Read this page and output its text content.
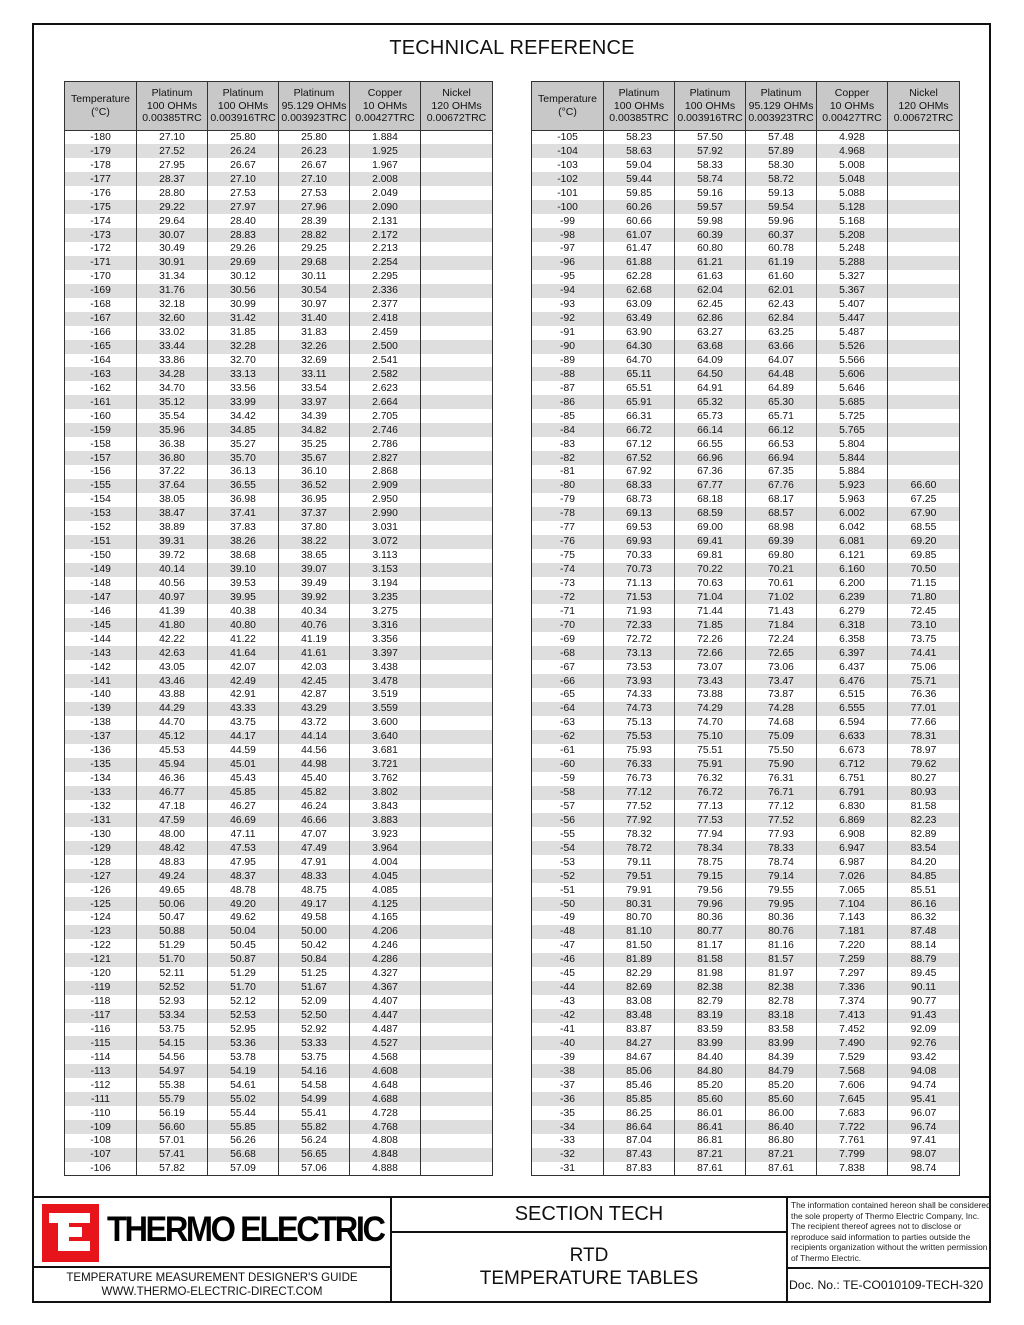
TECHNICAL REFERENCE
Temperature
(°C)

Platinum
100 OHMs
0.00385TRC

Platinum
100 OHMs
0.003916TRC

Platinum
95.129 OHMs
0.003923TRC

Copper
10 OHMs
0.00427TRC

Nickel
120 OHMs
0.00672TRC

-180	27.10	25.80	25.80	1.884	
-179	27.52	26.24	26.23	1.925	
-178	27.95	26.67	26.67	1.967	
-177	28.37	27.10	27.10	2.008	
-176	28.80	27.53	27.53	2.049	
-175	29.22	27.97	27.96	2.090	
-174	29.64	28.40	28.39	2.131	
-173	30.07	28.83	28.82	2.172	
-172	30.49	29.26	29.25	2.213	
-171	30.91	29.69	29.68	2.254	
-170	31.34	30.12	30.11	2.295	
-169	31.76	30.56	30.54	2.336	
-168	32.18	30.99	30.97	2.377	
-167	32.60	31.42	31.40	2.418	
-166	33.02	31.85	31.83	2.459	
-165	33.44	32.28	32.26	2.500	
-164	33.86	32.70	32.69	2.541	
-163	34.28	33.13	33.11	2.582	
-162	34.70	33.56	33.54	2.623	
-161	35.12	33.99	33.97	2.664	
-160	35.54	34.42	34.39	2.705	
-159	35.96	34.85	34.82	2.746	
-158	36.38	35.27	35.25	2.786	
-157	36.80	35.70	35.67	2.827	
-156	37.22	36.13	36.10	2.868	
-155	37.64	36.55	36.52	2.909	
-154	38.05	36.98	36.95	2.950	
-153	38.47	37.41	37.37	2.990	
-152	38.89	37.83	37.80	3.031	
-151	39.31	38.26	38.22	3.072	
-150	39.72	38.68	38.65	3.113	
-149	40.14	39.10	39.07	3.153	
-148	40.56	39.53	39.49	3.194	
-147	40.97	39.95	39.92	3.235	
-146	41.39	40.38	40.34	3.275	
-145	41.80	40.80	40.76	3.316	
-144	42.22	41.22	41.19	3.356	
-143	42.63	41.64	41.61	3.397	
-142	43.05	42.07	42.03	3.438	
-141	43.46	42.49	42.45	3.478	
-140	43.88	42.91	42.87	3.519	
-139	44.29	43.33	43.29	3.559	
-138	44.70	43.75	43.72	3.600	
-137	45.12	44.17	44.14	3.640	
-136	45.53	44.59	44.56	3.681	
-135	45.94	45.01	44.98	3.721	
-134	46.36	45.43	45.40	3.762	
-133	46.77	45.85	45.82	3.802	
-132	47.18	46.27	46.24	3.843	
-131	47.59	46.69	46.66	3.883	
-130	48.00	47.11	47.07	3.923	
-129	48.42	47.53	47.49	3.964	
-128	48.83	47.95	47.91	4.004	
-127	49.24	48.37	48.33	4.045	
-126	49.65	48.78	48.75	4.085	
-125	50.06	49.20	49.17	4.125	
-124	50.47	49.62	49.58	4.165	
-123	50.88	50.04	50.00	4.206	
-122	51.29	50.45	50.42	4.246	
-121	51.70	50.87	50.84	4.286	
-120	52.11	51.29	51.25	4.327	
-119	52.52	51.70	51.67	4.367	
-118	52.93	52.12	52.09	4.407	
-117	53.34	52.53	52.50	4.447	
-116	53.75	52.95	52.92	4.487	
-115	54.15	53.36	53.33	4.527	
-114	54.56	53.78	53.75	4.568	
-113	54.97	54.19	54.16	4.608	
-112	55.38	54.61	54.58	4.648	
-111	55.79	55.02	54.99	4.688	
-110	56.19	55.44	55.41	4.728	
-109	56.60	55.85	55.82	4.768	
-108	57.01	56.26	56.24	4.808	
-107	57.41	56.68	56.65	4.848	
-106	57.82	57.09	57.06	4.888	
Temperature
(°C)

Platinum
100 OHMs
0.00385TRC

Platinum
100 OHMs
0.003916TRC

Platinum
95.129 OHMs
0.003923TRC

Copper
10 OHMs
0.00427TRC

Nickel
120 OHMs
0.00672TRC

-105	58.23	57.50	57.48	4.928	
-104	58.63	57.92	57.89	4.968	
-103	59.04	58.33	58.30	5.008	
-102	59.44	58.74	58.72	5.048	
-101	59.85	59.16	59.13	5.088	
-100	60.26	59.57	59.54	5.128	
-99	60.66	59.98	59.96	5.168	
-98	61.07	60.39	60.37	5.208	
-97	61.47	60.80	60.78	5.248	
-96	61.88	61.21	61.19	5.288	
-95	62.28	61.63	61.60	5.327	
-94	62.68	62.04	62.01	5.367	
-93	63.09	62.45	62.43	5.407	
-92	63.49	62.86	62.84	5.447	
-91	63.90	63.27	63.25	5.487	
-90	64.30	63.68	63.66	5.526	
-89	64.70	64.09	64.07	5.566	
-88	65.11	64.50	64.48	5.606	
-87	65.51	64.91	64.89	5.646	
-86	65.91	65.32	65.30	5.685	
-85	66.31	65.73	65.71	5.725	
-84	66.72	66.14	66.12	5.765	
-83	67.12	66.55	66.53	5.804	
-82	67.52	66.96	66.94	5.844	
-81	67.92	67.36	67.35	5.884	
-80	68.33	67.77	67.76	5.923	66.60
-79	68.73	68.18	68.17	5.963	67.25
-78	69.13	68.59	68.57	6.002	67.90
-77	69.53	69.00	68.98	6.042	68.55
-76	69.93	69.41	69.39	6.081	69.20
-75	70.33	69.81	69.80	6.121	69.85
-74	70.73	70.22	70.21	6.160	70.50
-73	71.13	70.63	70.61	6.200	71.15
-72	71.53	71.04	71.02	6.239	71.80
-71	71.93	71.44	71.43	6.279	72.45
-70	72.33	71.85	71.84	6.318	73.10
-69	72.72	72.26	72.24	6.358	73.75
-68	73.13	72.66	72.65	6.397	74.41
-67	73.53	73.07	73.06	6.437	75.06
-66	73.93	73.43	73.47	6.476	75.71
-65	74.33	73.88	73.87	6.515	76.36
-64	74.73	74.29	74.28	6.555	77.01
-63	75.13	74.70	74.68	6.594	77.66
-62	75.53	75.10	75.09	6.633	78.31
-61	75.93	75.51	75.50	6.673	78.97
-60	76.33	75.91	75.90	6.712	79.62
-59	76.73	76.32	76.31	6.751	80.27
-58	77.12	76.72	76.71	6.791	80.93
-57	77.52	77.13	77.12	6.830	81.58
-56	77.92	77.53	77.52	6.869	82.23
-55	78.32	77.94	77.93	6.908	82.89
-54	78.72	78.34	78.33	6.947	83.54
-53	79.11	78.75	78.74	6.987	84.20
-52	79.51	79.15	79.14	7.026	84.85
-51	79.91	79.56	79.55	7.065	85.51
-50	80.31	79.96	79.95	7.104	86.16
-49	80.70	80.36	80.36	7.143	86.32
-48	81.10	80.77	80.76	7.181	87.48
-47	81.50	81.17	81.16	7.220	88.14
-46	81.89	81.58	81.57	7.259	88.79
-45	82.29	81.98	81.97	7.297	89.45
-44	82.69	82.38	82.38	7.336	90.11
-43	83.08	82.79	82.78	7.374	90.77
-42	83.48	83.19	83.18	7.413	91.43
-41	83.87	83.59	83.58	7.452	92.09
-40	84.27	83.99	83.99	7.490	92.76
-39	84.67	84.40	84.39	7.529	93.42
-38	85.06	84.80	84.79	7.568	94.08
-37	85.46	85.20	85.20	7.606	94.74
-36	85.85	85.60	85.60	7.645	95.41
-35	86.25	86.01	86.00	7.683	96.07
-34	86.64	86.41	86.40	7.722	96.74
-33	87.04	86.81	86.80	7.761	97.41
-32	87.43	87.21	87.21	7.799	98.07
-31	87.83	87.61	87.61	7.838	98.74
THERMO ELECTRIC
TEMPERATURE MEASUREMENT DESIGNER'S GUIDE
WWW.THERMO-ELECTRIC-DIRECT.COM
SECTION TECH
RTD
TEMPERATURE TABLES
The information contained hereon shall be considered the sole property of Thermo Electric Company, Inc. The recipient thereof agrees not to disclose or reproduce said information to parties outside the recipients organization without the written permission of Thermo Electric.
Doc. No.: TE-CO010109-TECH-320
